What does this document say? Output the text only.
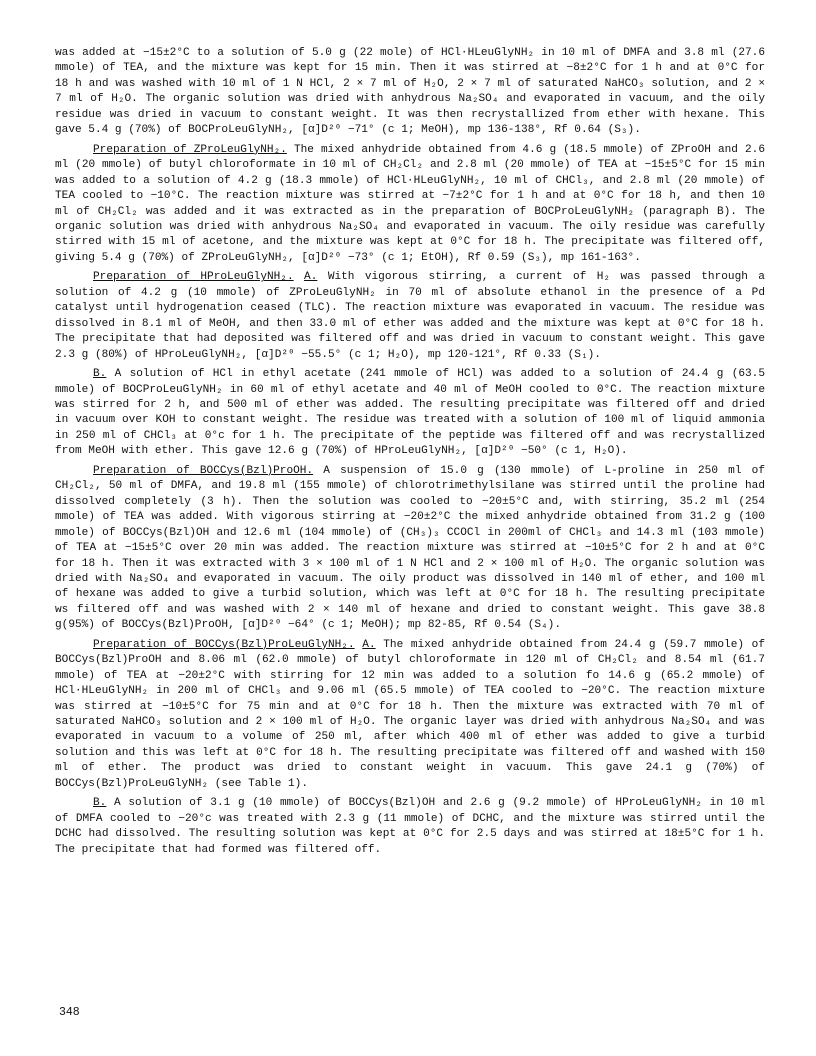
was added at −15±2°C to a solution of 5.0 g (22 mole) of HCl·HLeuGlyNH₂ in 10 ml of DMFA and 3.8 ml (27.6 mmole) of TEA, and the mixture was kept for 15 min. Then it was stirred at −8±2°C for 1 h and at 0°C for 18 h and was washed with 10 ml of 1 N HCl, 2 × 7 ml of H₂O, 2 × 7 ml of saturated NaHCO₃ solution, and 2 × 7 ml of H₂O. The organic solution was dried with anhydrous Na₂SO₄ and evaporated in vacuum, and the oily residue was dried in vacuum to constant weight. It was then recrystallized from ether with hexane. This gave 5.4 g (70%) of BOCProLeuGlyNH₂, [α]D²⁰ −71° (c 1; MeOH), mp 136-138°, Rf 0.64 (S₃).

Preparation of ZProLeuGlyNH₂. The mixed anhydride obtained from 4.6 g (18.5 mmole) of ZProOH and 2.6 ml (20 mmole) of butyl chloroformate in 10 ml of CH₂Cl₂ and 2.8 ml (20 mmole) of TEA at −15±5°C for 15 min was added to a solution of 4.2 g (18.3 mmole) of HCl·HLeuGlyNH₂, 10 ml of CHCl₃, and 2.8 ml (20 mmole) of TEA cooled to −10°C. The reaction mixture was stirred at −7±2°C for 1 h and at 0°C for 18 h, and then 10 ml of CH₂Cl₂ was added and it was extracted as in the preparation of BOCProLeuGlyNH₂ (paragraph B). The organic solution was dried with anhydrous Na₂SO₄ and evaporated in vacuum. The oily residue was carefully stirred with 15 ml of acetone, and the mixture was kept at 0°C for 18 h. The precipitate was filtered off, giving 5.4 g (70%) of ZProLeuGlyNH₂, [α]D²⁰ −73° (c 1; EtOH), Rf 0.59 (S₃), mp 161-163°.

Preparation of HProLeuGlyNH₂. A. With vigorous stirring, a current of H₂ was passed through a solution of 4.2 g (10 mmole) of ZProLeuGlyNH₂ in 70 ml of absolute ethanol in the presence of a Pd catalyst until hydrogenation ceased (TLC). The reaction mixture was evaporated in vacuum. The residue was dissolved in 8.1 ml of MeOH, and then 33.0 ml of ether was added and the mixture was kept at 0°C for 18 h. The precipitate that had deposited was filtered off and was dried in vacuum to constant weight. This gave 2.3 g (80%) of HProLeuGlyNH₂, [α]D²⁰ −55.5° (c 1; H₂O), mp 120-121°, Rf 0.33 (S₁).

B. A solution of HCl in ethyl acetate (241 mmole of HCl) was added to a solution of 24.4 g (63.5 mmole) of BOCProLeuGlyNH₂ in 60 ml of ethyl acetate and 40 ml of MeOH cooled to 0°C. The reaction mixture was stirred for 2 h, and 500 ml of ether was added. The resulting precipitate was filtered off and dried in vacuum over KOH to constant weight. The residue was treated with a solution of 100 ml of liquid ammonia in 250 ml of CHCl₃ at 0°c for 1 h. The precipitate of the peptide was filtered off and was recrystallized from MeOH with ether. This gave 12.6 g (70%) of HProLeuGlyNH₂, [α]D²⁰ −50° (c 1, H₂O).

Preparation of BOCCys(Bzl)ProOH. A suspension of 15.0 g (130 mmole) of L-proline in 250 ml of CH₂Cl₂, 50 ml of DMFA, and 19.8 ml (155 mmole) of chlorotrimethylsilane was stirred until the proline had dissolved completely (3 h). Then the solution was cooled to −20±5°C and, with stirring, 35.2 ml (254 mmole) of TEA was added. With vigorous stirring at −20±2°C the mixed anhydride obtained from 31.2 g (100 mmole) of BOCCys(Bzl)OH and 12.6 ml (104 mmole) of (CH₃)₃ CCOCl in 200ml of CHCl₃ and 14.3 ml (103 mmole) of TEA at −15±5°C over 20 min was added. The reaction mixture was stirred at −10±5°C for 2 h and at 0°C for 18 h. Then it was extracted with 3 × 100 ml of 1 N HCl and 2 × 100 ml of H₂O. The organic solution was dried with Na₂SO₄ and evaporated in vacuum. The oily product was dissolved in 140 ml of ether, and 100 ml of hexane was added to give a turbid solution, which was left at 0°C for 18 h. The resulting precipitate ws filtered off and was washed with 2 × 140 ml of hexane and dried to constant weight. This gave 38.8 g(95%) of BOCCys(Bzl)ProOH, [α]D²⁰ −64° (c 1; MeOH); mp 82-85, Rf 0.54 (S₄).

Preparation of BOCCys(Bzl)ProLeuGlyNH₂. A. The mixed anhydride obtained from 24.4 g (59.7 mmole) of BOCCys(Bzl)ProOH and 8.06 ml (62.0 mmole) of butyl chloroformate in 120 ml of CH₂Cl₂ and 8.54 ml (61.7 mmole) of TEA at −20±2°C with stirring for 12 min was added to a solution fo 14.6 g (65.2 mmole) of HCl·HLeuGlyNH₂ in 200 ml of CHCl₃ and 9.06 ml (65.5 mmole) of TEA cooled to −20°C. The reaction mixture was stirred at −10±5°C for 75 min and at 0°C for 18 h. Then the mixture was extracted with 70 ml of saturated NaHCO₃ solution and 2 × 100 ml of H₂O. The organic layer was dried with anhydrous Na₂SO₄ and was evaporated in vacuum to a volume of 250 ml, after which 400 ml of ether was added to give a turbid solution and this was left at 0°C for 18 h. The resulting precipitate was filtered off and washed with 150 ml of ether. The product was dried to constant weight in vacuum. This gave 24.1 g (70%) of BOCCys(Bzl)ProLeuGlyNH₂ (see Table 1).

B. A solution of 3.1 g (10 mmole) of BOCCys(Bzl)OH and 2.6 g (9.2 mmole) of HProLeuGlyNH₂ in 10 ml of DMFA cooled to −20°c was treated with 2.3 g (11 mmole) of DCHC, and the mixture was stirred until the DCHC had dissolved. The resulting solution was kept at 0°C for 2.5 days and was stirred at 18±5°C for 1 h. The precipitate that had formed was filtered off.

348
